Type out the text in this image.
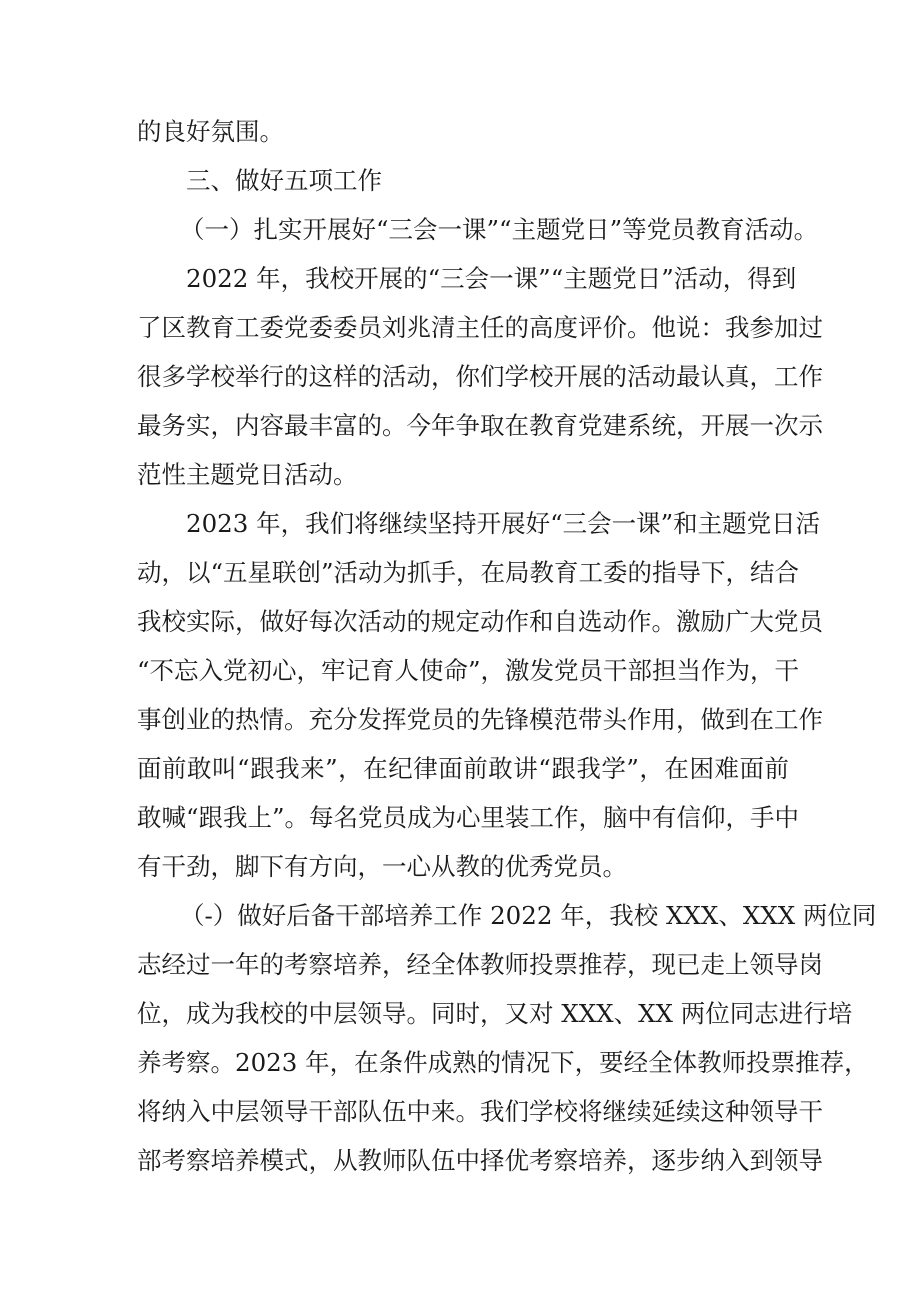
的良好氛围。
三、做好五项工作
（一）扎实开展好“三会一课”“主题党日”等党员教育活动。
2022 年，我校开展的“三会一课”“主题党日”活动，得到
了区教育工委党委委员刘兆清主任的高度评价。他说：我参加过
很多学校举行的这样的活动，你们学校开展的活动最认真，工作
最务实，内容最丰富的。今年争取在教育党建系统，开展一次示
范性主题党日活动。
2023 年，我们将继续坚持开展好“三会一课”和主题党日活
动，以“五星联创”活动为抓手，在局教育工委的指导下，结合
我校实际，做好每次活动的规定动作和自选动作。激励广大党员
“不忘入党初心，牢记育人使命”，激发党员干部担当作为，干
事创业的热情。充分发挥党员的先锋模范带头作用，做到在工作
面前敢叫“跟我来”，在纪律面前敢讲“跟我学”，在困难面前
敢喊“跟我上”。每名党员成为心里装工作，脑中有信仰，手中
有干劲，脚下有方向，一心从教的优秀党员。
（-）做好后备干部培养工作 2022 年，我校 XXX、XXX 两位同
志经过一年的考察培养，经全体教师投票推荐，现已走上领导岗
位，成为我校的中层领导。同时，又对 XXX、XX 两位同志进行培
养考察。2023 年，在条件成熟的情况下，要经全体教师投票推荐，
将纳入中层领导干部队伍中来。我们学校将继续延续这种领导干
部考察培养模式，从教师队伍中择优考察培养，逐步纳入到领导
